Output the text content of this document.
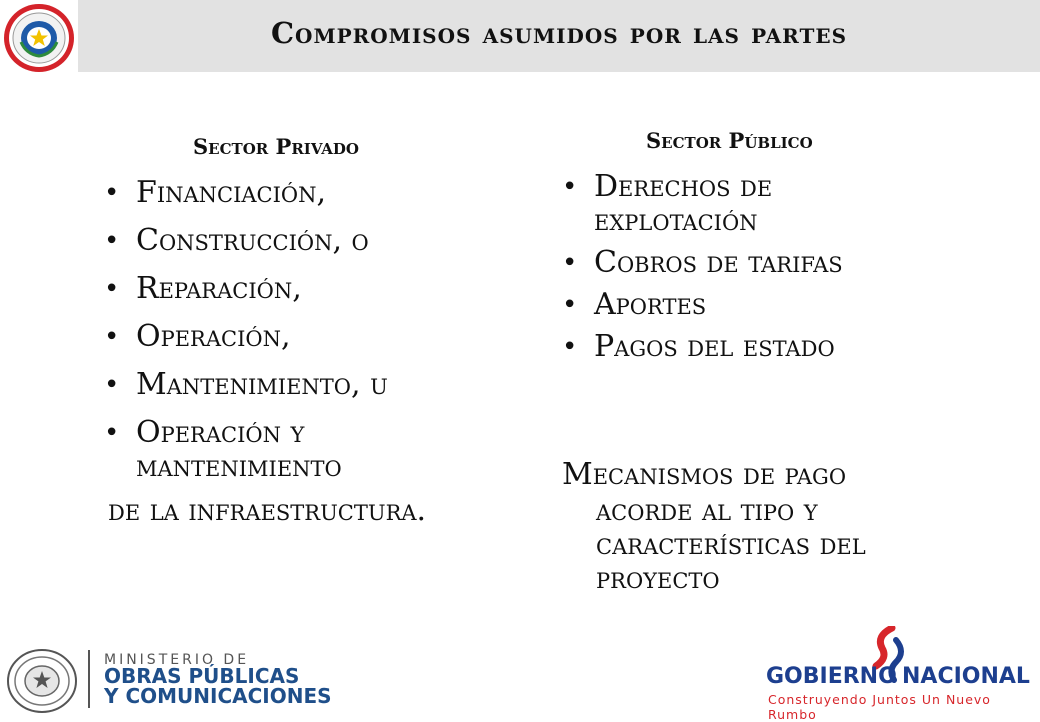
Compromisos asumidos por las partes
Sector Privado
• Financiación,
• Construcción, o
• Reparación,
• Operación,
• Mantenimiento, u
• Operación y mantenimiento
de la infraestructura.
Sector Público
• Derechos de explotación
• Cobros de tarifas
• Aportes
• Pagos del estado
Mecanismos de pago
acorde al tipo y características del proyecto
MINISTERIO DE
OBRAS PÚBLICAS
Y COMUNICACIONES
GOBIERNO NACIONAL
Construyendo Juntos Un Nuevo Rumbo
